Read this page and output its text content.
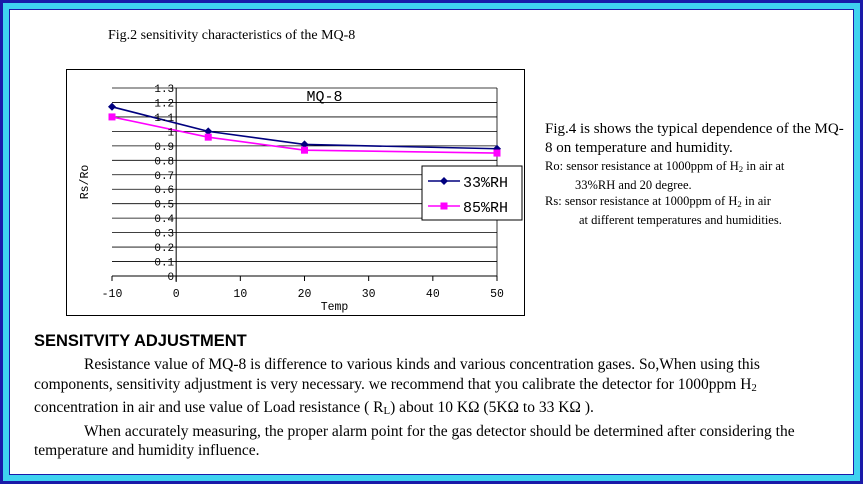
Fig.2 sensitivity characteristics of the MQ-8
0
0.1
0.2
0.3
0.4
0.5
0.6
0.7
0.8
0.9
1
1.1
1.2
1.3
-10	0	10	20	30	40	50
Temp
Rs/Ro
MQ-8
33%RH
85%RH
Fig.4 is shows the typical dependence of the MQ-8 on temperature and humidity.
Ro: sensor resistance at 1000ppm of $H_2$ in air at
33%RH and 20 degree.
Rs: sensor resistance at 1000ppm of $H_2$ in air
at different temperatures and humidities.
SENSITVITY ADJUSTMENT

Resistance value of MQ-8 is difference to various kinds and various concentration gases. So,When using this components, sensitivity adjustment is very necessary. we recommend that you calibrate the detector for 1000ppm $H_2$ concentration in air and use value of Load resistance ( $R_L$) about 10 KΩ (5KΩ to 33 KΩ ).

When accurately measuring, the proper alarm point for the gas detector should be determined after considering the temperature and humidity influence.
